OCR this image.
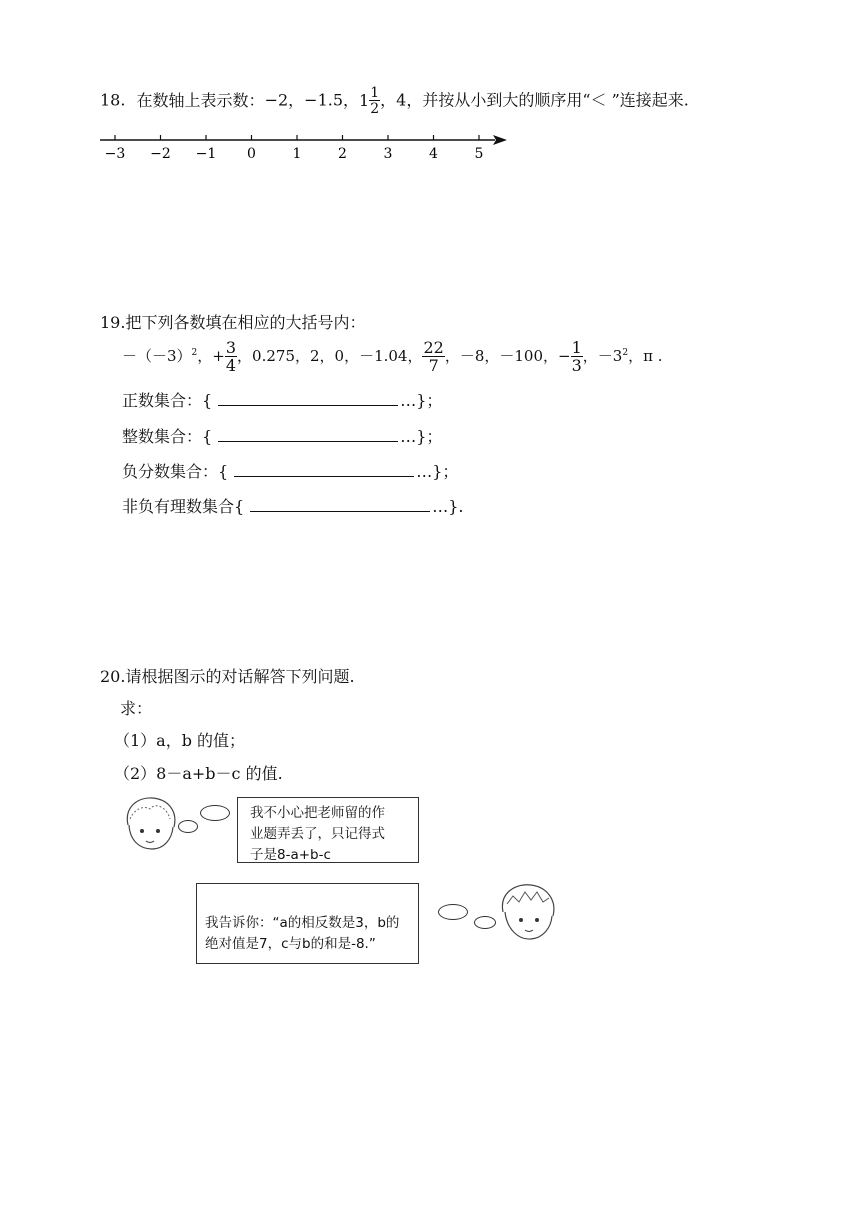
18. 在数轴上表示数：−2，−1.5，$1 \frac{1}{2}$ ，4，并按从小到大的顺序用“＜ ”连接起来.
−3 −2 −1 0	1	2	3	4	5
19.把下列各数填在相应的大括号内：
$-(-3)^2$，+ $\frac{3}{4}$ ，0.275，2，0，－1.04， $\frac{22}{7}$ ，－8，－100，− $\frac{1}{3}$ ，$-3^2$，π .
正数集合：{	…}；
整数集合：{	…}；
负分数集合：{	…}；
非负有理数集合{	…}.
20.请根据图示的对话解答下列问题.
求：
（1）a，b 的值；
（2）8－a+b－c 的值.
我不小心把老师留的作
业题弄丢了，只记得式
子是8-a+b-c
我告诉你：“a的相反数是3，b的
绝对值是7，c与b的和是-8.”
